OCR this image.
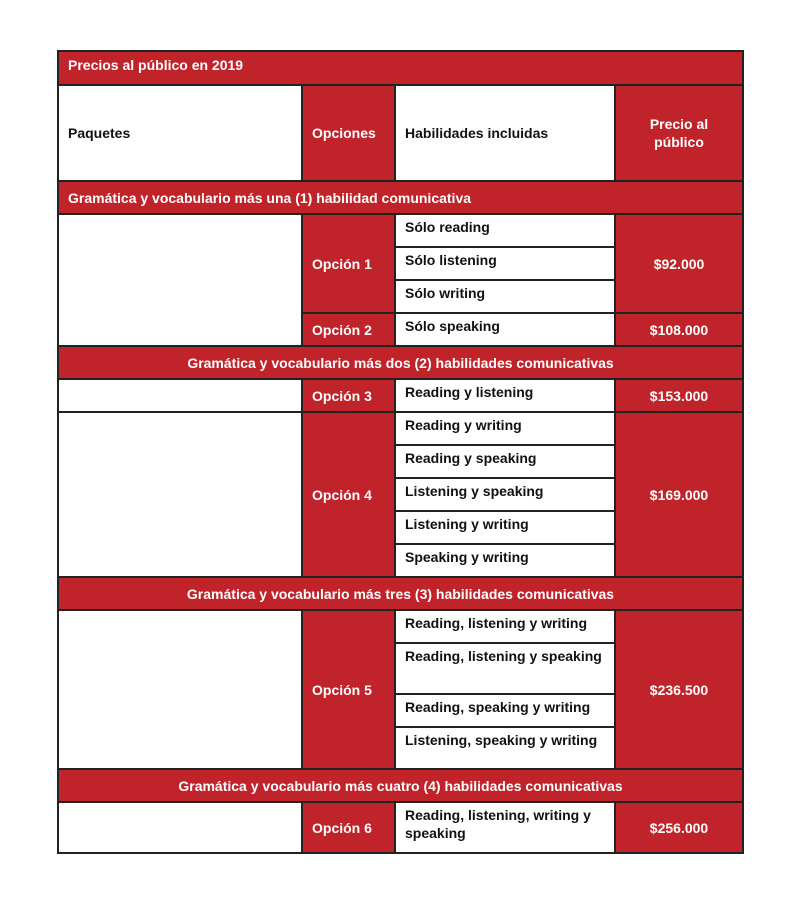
Precios al público en 2019			
Paquetes	Opciones	Habilidades incluidas	Precio al público
Gramática y vocabulario más una (1) habilidad comunicativa			
	Opción 1	Sólo reading	$92.000
		Sólo listening	
		Sólo writing	
	Opción 2	Sólo speaking	$108.000
Gramática y vocabulario más dos (2) habilidades comunicativas			
	Opción 3	Reading y listening	$153.000
	Opción 4	Reading y writing	$169.000
		Reading y speaking	
		Listening y speaking	
		Listening y writing	
		Speaking y writing	
Gramática y vocabulario más tres (3) habilidades comunicativas			
	Opción 5	Reading, listening y writing	$236.500
		Reading, listening y speaking	
		Reading, speaking y writing	
		Listening, speaking y writing	
Gramática y vocabulario más cuatro (4) habilidades comunicativas			
	Opción 6	Reading, listening, writing y speaking	$256.000
